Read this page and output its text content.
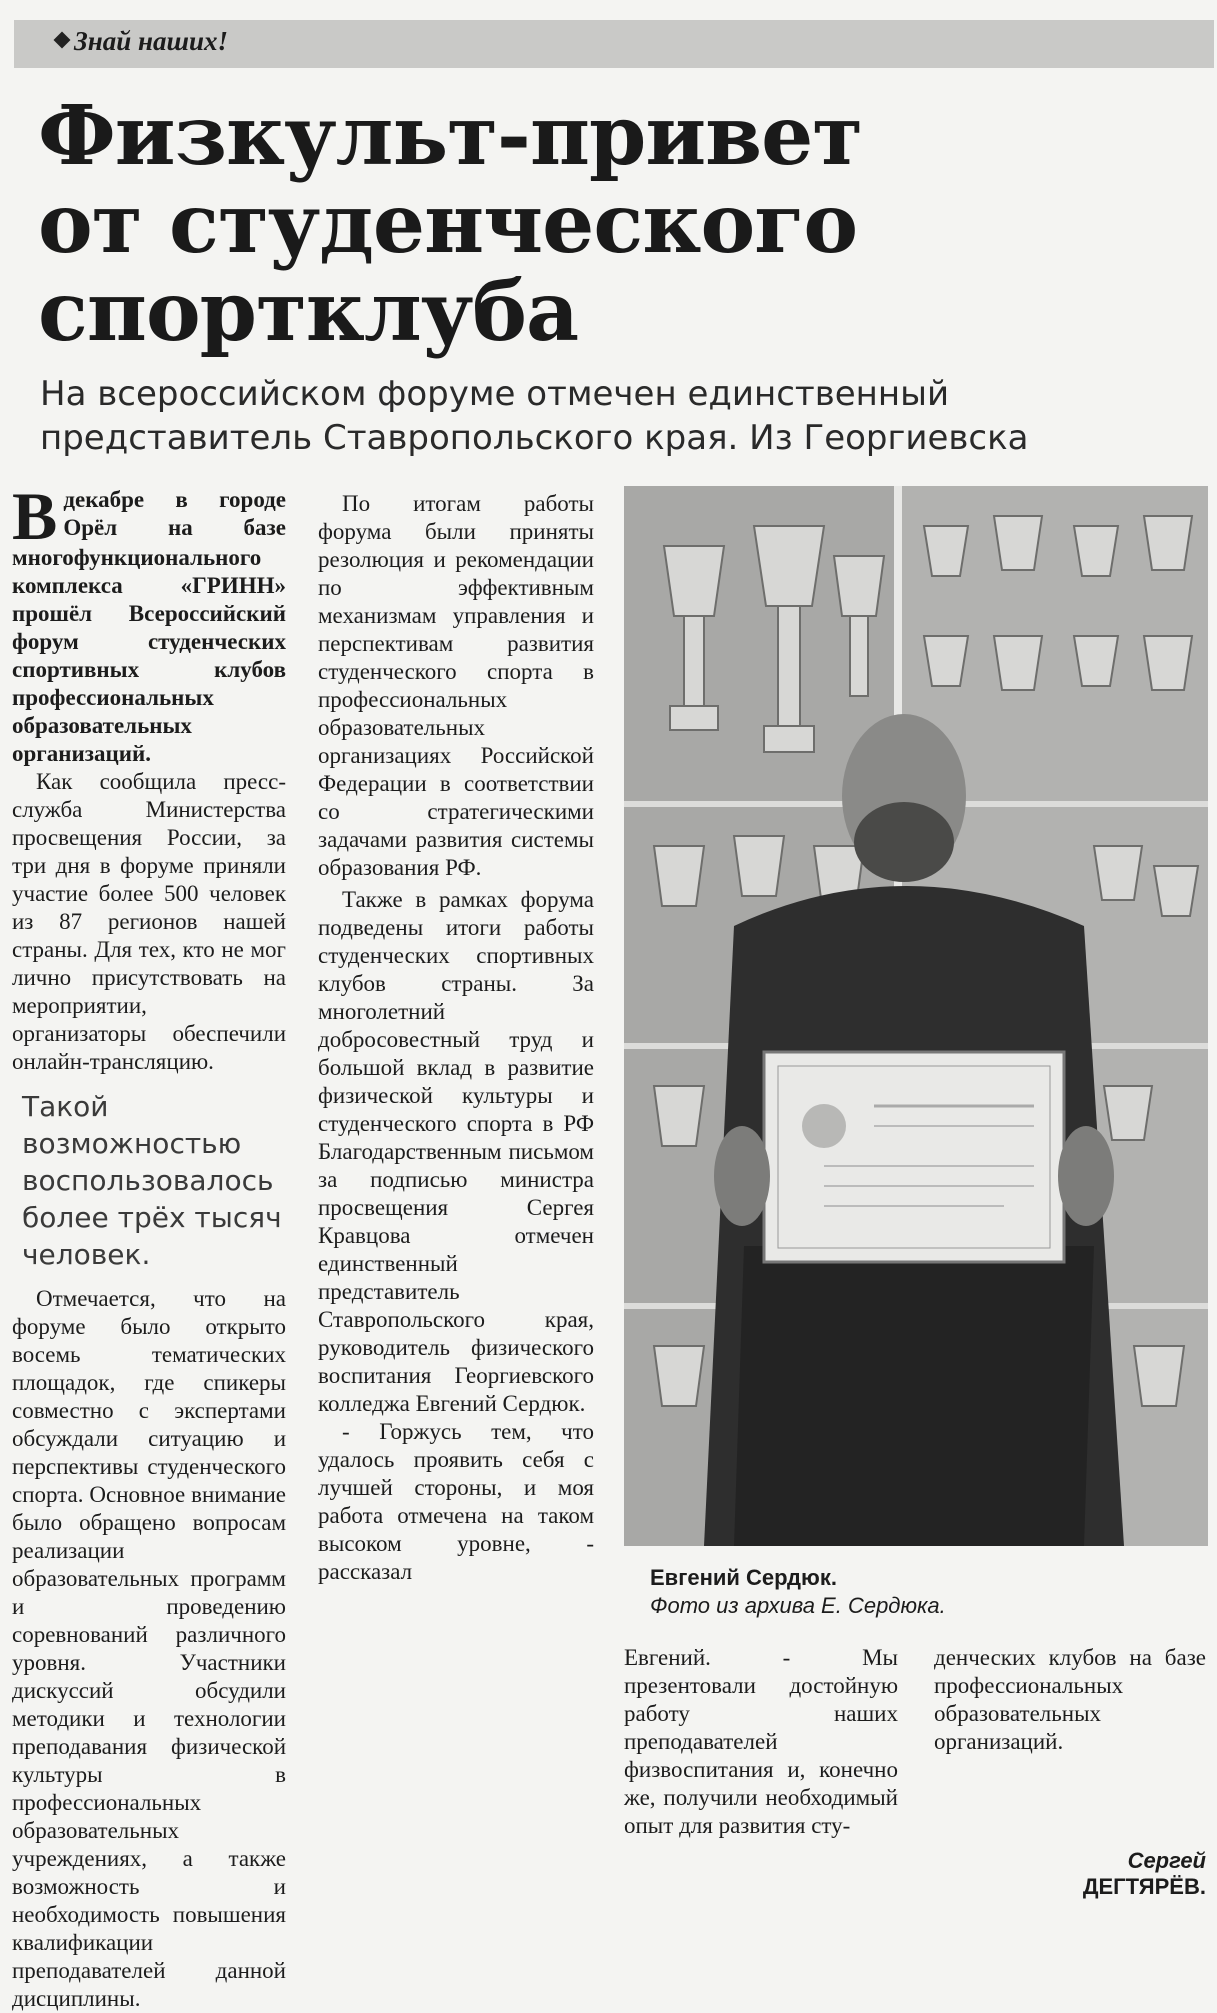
Знай наших!
Физкульт-привет
от студенческого
спортклуба
На всероссийском форуме отмечен единственный представитель Ставропольского края. Из Георгиевска

Вдекабре в городе Орёл на базе многофункционального комплекса «ГРИНН» прошёл Всероссийский форум студенческих спортивных клубов профессиональных образовательных организаций.

Как сообщила пресс-служба Министерства просвещения России, за три дня в форуме приняли участие более 500 человек из 87 регионов нашей страны. Для тех, кто не мог лично присутствовать на мероприятии, организаторы обеспечили онлайн-трансляцию.

Такой возможностью воспользовалось более трёх тысяч человек.

Отмечается, что на форуме было открыто восемь тематических площадок, где спикеры совместно с экспертами обсуждали ситуацию и перспективы студенческого спорта. Основное внимание было обращено вопросам реализации образовательных программ и проведению соревнований различного уровня. Участники дискуссий обсудили методики и технологии преподавания физической культуры в профессиональных образовательных учреждениях, а также возможность и необходимость повышения квалификации преподавателей данной дисциплины.

По итогам работы форума были приняты резолюция и рекомендации по эффективным механизмам управления и перспективам развития студенческого спорта в профессиональных образовательных организациях Российской Федерации в соответствии со стратегическими задачами развития системы образования РФ.

Также в рамках форума подведены итоги работы студенческих спортивных клубов страны. За многолетний добросовестный труд и большой вклад в развитие физической культуры и студенческого спорта в РФ Благодарственным письмом за подписью министра просвещения Сергея Кравцова отмечен единственный представитель Ставропольского края, руководитель физического воспитания Георгиевского колледжа Евгений Сердюк.

- Горжусь тем, что удалось проявить себя с лучшей стороны, и моя работа отмечена на таком высоком уровне, - рассказал	Евгений Сердюк.
Фото из архива Е. Сердюка.

Евгений. - Мы презентовали достойную работу наших преподавателей физвоспитания и, конечно же, получили необходимый опыт для развития сту-

денческих клубов на базе профессиональных образовательных организаций.

Сергей ДЕГТЯРЁВ.
